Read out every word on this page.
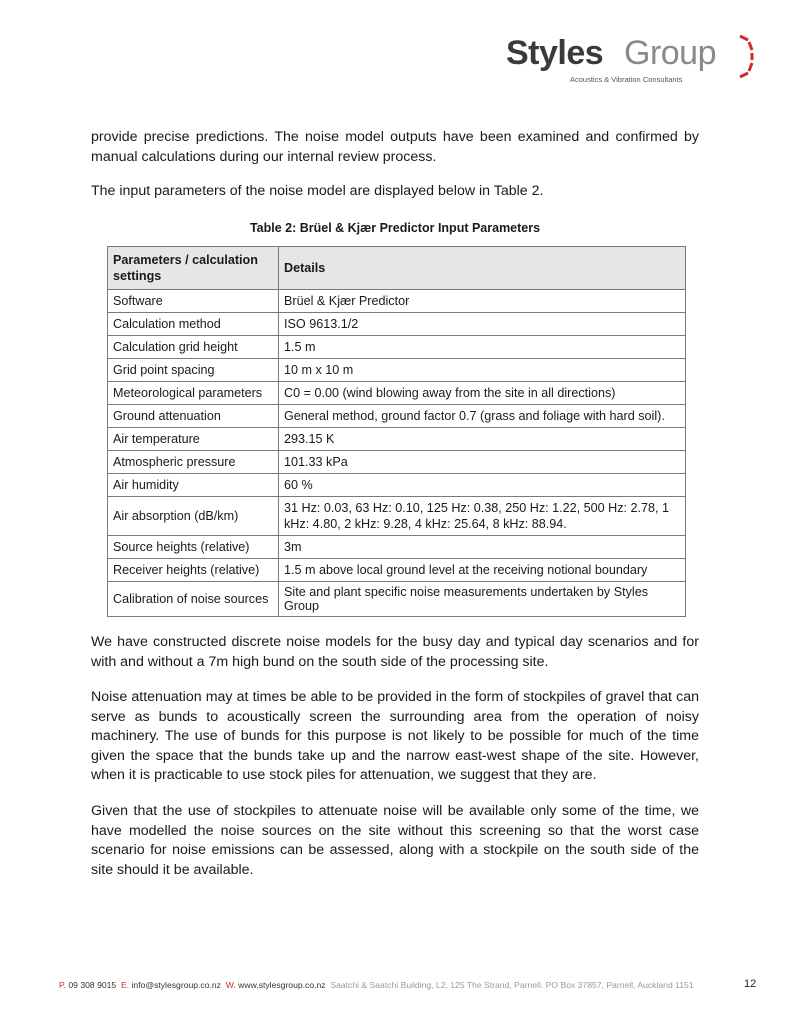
Styles Group
Acoustics & Vibration Consultants

provide precise predictions. The noise model outputs have been examined and confirmed by manual calculations during our internal review process.

The input parameters of the noise model are displayed below in Table 2.

Table 2: Brüel & Kjær Predictor Input Parameters
Parameters / calculation settings	Details
Software	Brüel & Kjær Predictor
Calculation method	ISO 9613.1/2
Calculation grid height	1.5 m
Grid point spacing	10 m x 10 m
Meteorological parameters	C0 = 0.00 (wind blowing away from the site in all directions)
Ground attenuation	General method, ground factor 0.7 (grass and foliage with hard soil).
Air temperature	293.15 K
Atmospheric pressure	101.33 kPa
Air humidity	60 %
Air absorption (dB/km)	31 Hz: 0.03, 63 Hz: 0.10, 125 Hz: 0.38, 250 Hz: 1.22, 500 Hz: 2.78, 1 kHz: 4.80, 2 kHz: 9.28, 4 kHz: 25.64, 8 kHz: 88.94.
Source heights (relative)	3m
Receiver heights (relative)	1.5 m above local ground level at the receiving notional boundary
Calibration of noise sources	Site and plant specific noise measurements undertaken by Styles Group

We have constructed discrete noise models for the busy day and typical day scenarios and for with and without a 7m high bund on the south side of the processing site.

Noise attenuation may at times be able to be provided in the form of stockpiles of gravel that can serve as bunds to acoustically screen the surrounding area from the operation of noisy machinery. The use of bunds for this purpose is not likely to be possible for much of the time given the space that the bunds take up and the narrow east-west shape of the site. However, when it is practicable to use stock piles for attenuation, we suggest that they are.

Given that the use of stockpiles to attenuate noise will be available only some of the time, we have modelled the noise sources on the site without this screening so that the worst case scenario for noise emissions can be assessed, along with a stockpile on the south side of the site should it be available.

P. 09 308 9015 E. info@stylesgroup.co.nz W. www.stylesgroup.co.nz Saatchi & Saatchi Building, L2, 125 The Strand, Parnell. PO Box 37857, Parnell, Auckland 1151	12
